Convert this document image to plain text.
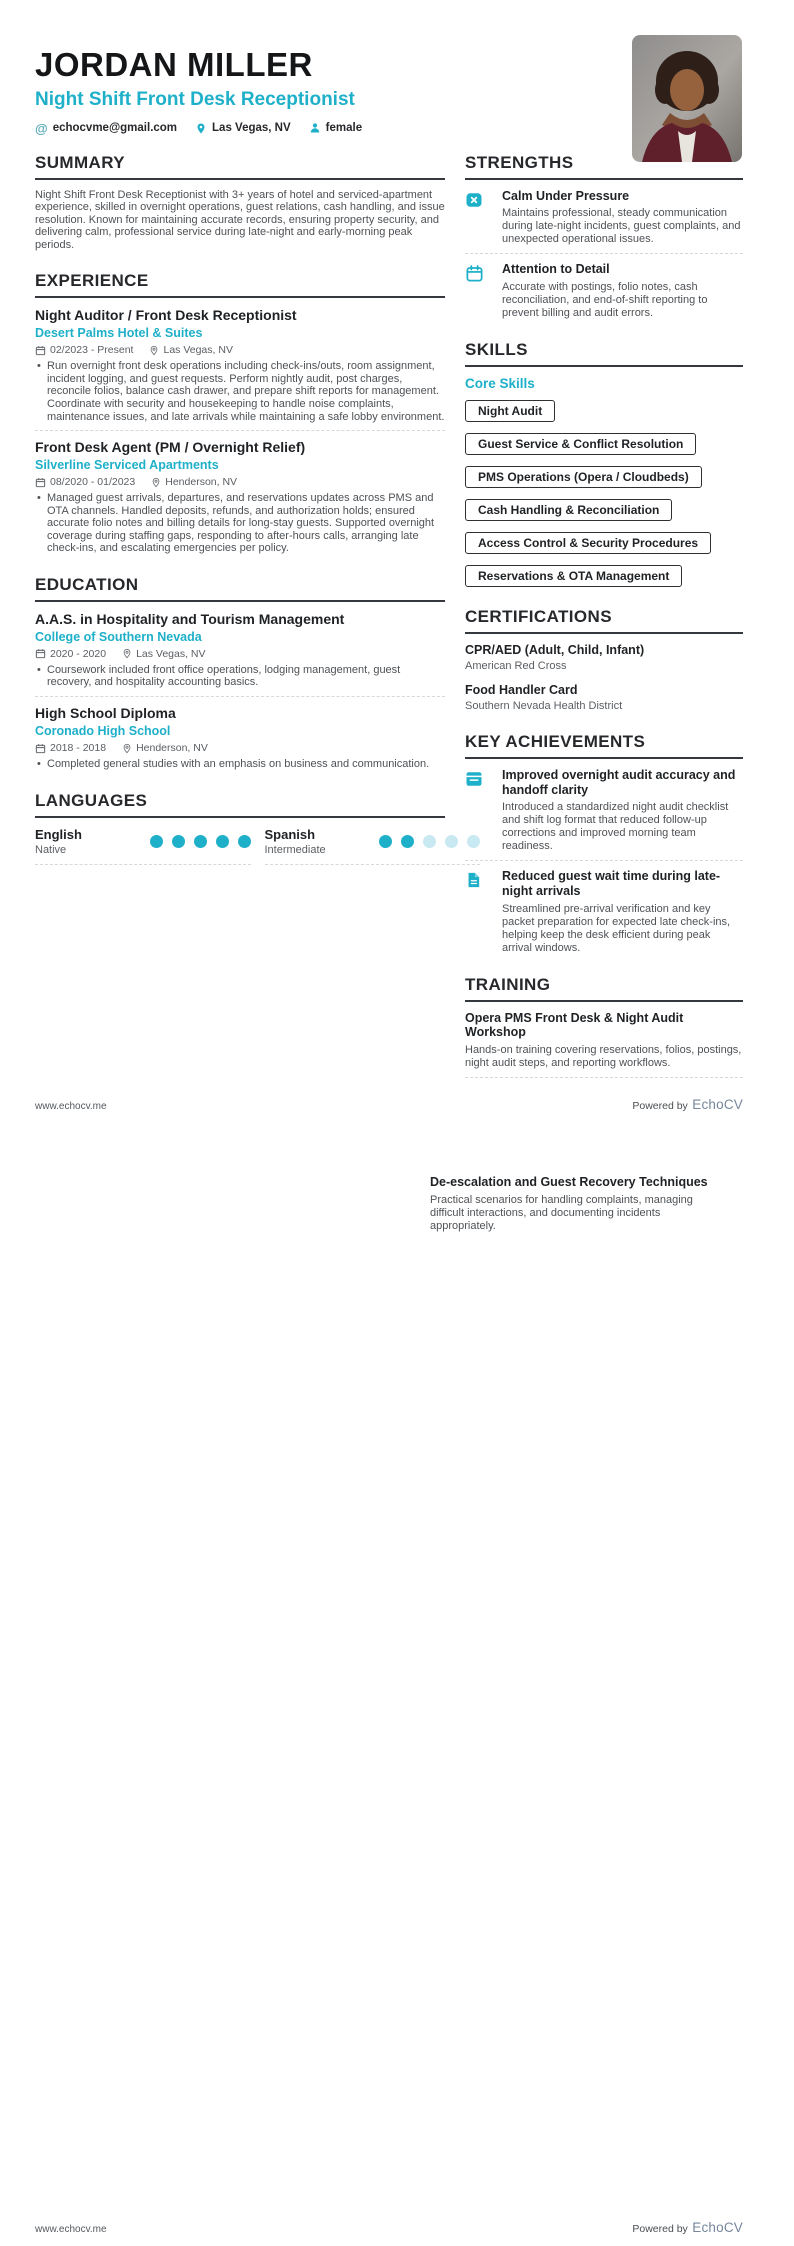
JORDAN MILLER
Night Shift Front Desk Receptionist
@ echocvme@gmail.com	Las Vegas, NV	female
SUMMARY

Night Shift Front Desk Receptionist with 3+ years of hotel and serviced-apartment experience, skilled in overnight operations, guest relations, cash handling, and issue resolution. Known for maintaining accurate records, ensuring property security, and delivering calm, professional service during late-night and early-morning peak periods.

EXPERIENCE
Night Auditor / Front Desk Receptionist
Desert Palms Hotel & Suites
02/2023 - Present	Las Vegas, NV
• Run overnight front desk operations including check-ins/outs, room assignment, incident logging, and guest requests. Perform nightly audit, post charges, reconcile folios, balance cash drawer, and prepare shift reports for management. Coordinate with security and housekeeping to handle noise complaints, maintenance issues, and late arrivals while maintaining a safe lobby environment.
Front Desk Agent (PM / Overnight Relief)
Silverline Serviced Apartments
08/2020 - 01/2023	Henderson, NV
• Managed guest arrivals, departures, and reservations updates across PMS and OTA channels. Handled deposits, refunds, and authorization holds; ensured accurate folio notes and billing details for long-stay guests. Supported overnight coverage during staffing gaps, responding to after-hours calls, arranging late check-ins, and escalating emergencies per policy.
EDUCATION
A.A.S. in Hospitality and Tourism Management
College of Southern Nevada
2020 - 2020	Las Vegas, NV
• Coursework included front office operations, lodging management, guest recovery, and hospitality accounting basics.
High School Diploma
Coronado High School
2018 - 2018	Henderson, NV
• Completed general studies with an emphasis on business and communication.
LANGUAGES
English
Native
Spanish
Intermediate
STRENGTHS
Calm Under Pressure
Maintains professional, steady communication during late-night incidents, guest complaints, and unexpected operational issues.
Attention to Detail
Accurate with postings, folio notes, cash reconciliation, and end-of-shift reporting to prevent billing and audit errors.
SKILLS
Core Skills
Night Audit
Guest Service & Conflict Resolution
PMS Operations (Opera / Cloudbeds)
Cash Handling & Reconciliation
Access Control & Security Procedures
Reservations & OTA Management
CERTIFICATIONS
CPR/AED (Adult, Child, Infant)
American Red Cross
Food Handler Card
Southern Nevada Health District
KEY ACHIEVEMENTS
Improved overnight audit accuracy and handoff clarity
Introduced a standardized night audit checklist and shift log format that reduced follow-up corrections and improved morning team readiness.
Reduced guest wait time during late-night arrivals
Streamlined pre-arrival verification and key packet preparation for expected late check-ins, helping keep the desk efficient during peak arrival windows.
TRAINING
Opera PMS Front Desk & Night Audit Workshop
Hands-on training covering reservations, folios, postings, night audit steps, and reporting workflows.
www.echocv.me	Powered by EchoCV
De-escalation and Guest Recovery Techniques
Practical scenarios for handling complaints, managing difficult interactions, and documenting incidents appropriately.
www.echocv.me	Powered by EchoCV
